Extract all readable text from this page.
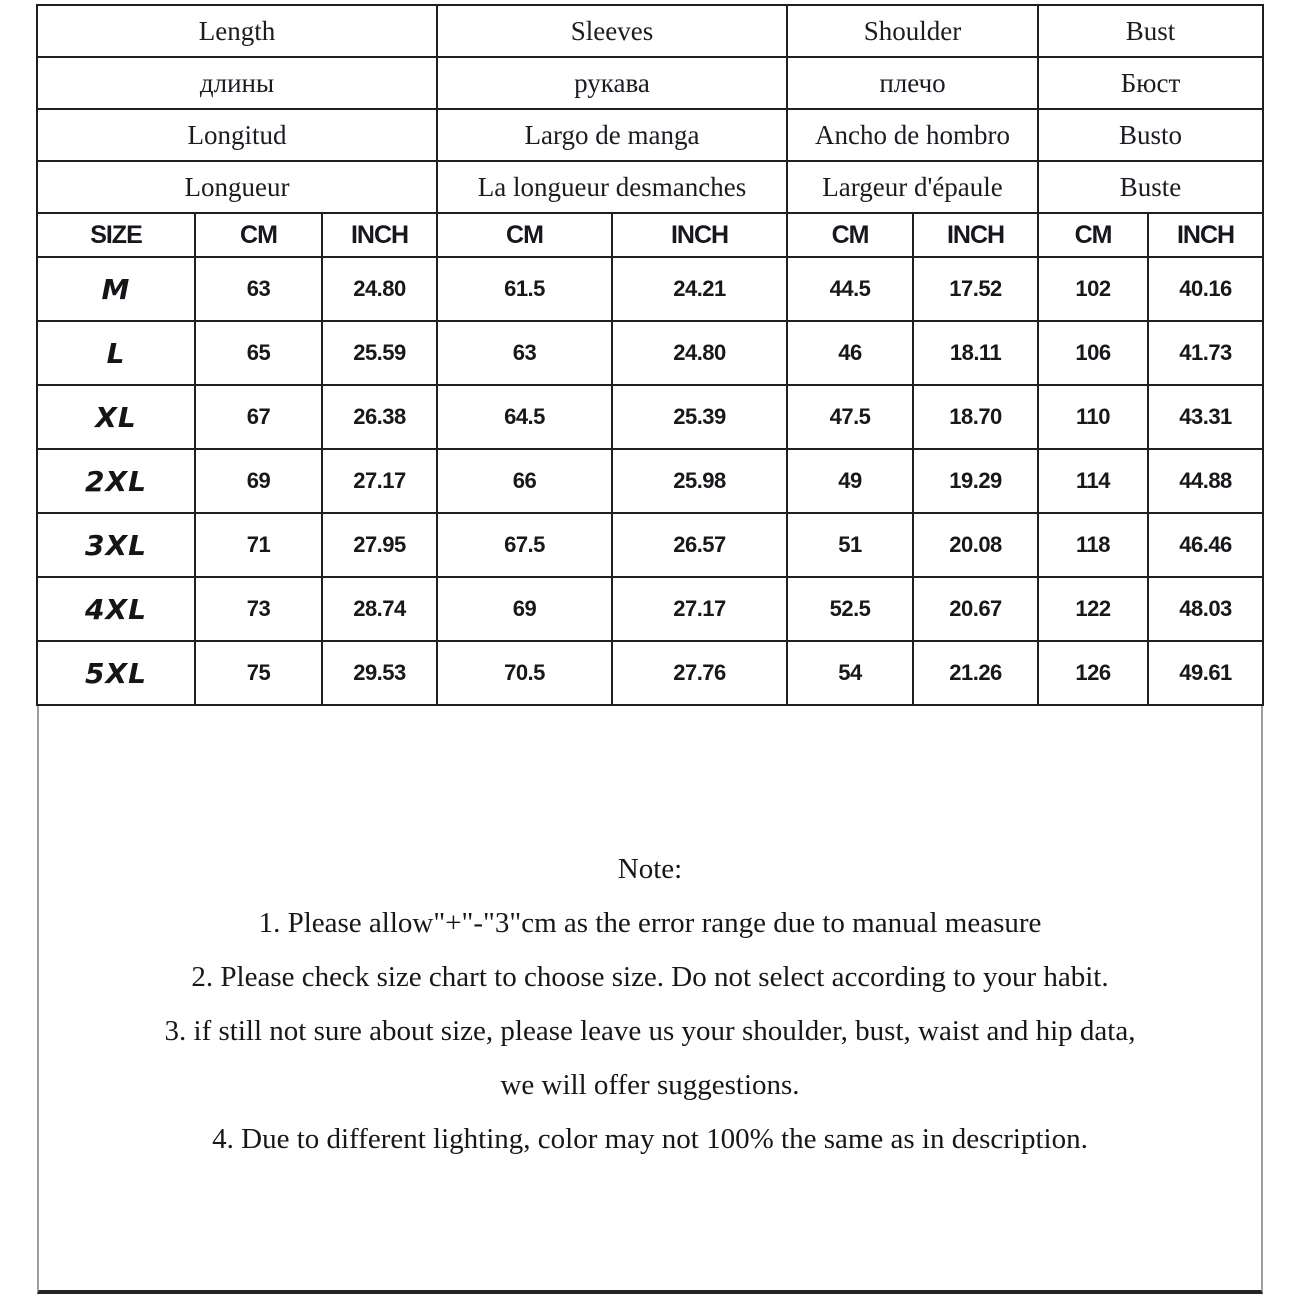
Length			Sleeves		Shoulder		Bust	
длины			рукава		плечо		Бюст	
Longitud			Largo de manga		Ancho de hombro		Busto	
Longueur			La longueur desmanches		Largeur d'épaule		Buste	
SIZE	CM	INCH	CM	INCH	CM	INCH	CM	INCH
M	63	24.80	61.5	24.21	44.5	17.52	102	40.16
L	65	25.59	63	24.80	46	18.11	106	41.73
XL	67	26.38	64.5	25.39	47.5	18.70	110	43.31
2XL	69	27.17	66	25.98	49	19.29	114	44.88
3XL	71	27.95	67.5	26.57	51	20.08	118	46.46
4XL	73	28.74	69	27.17	52.5	20.67	122	48.03
5XL	75	29.53	70.5	27.76	54	21.26	126	49.61
Note:
1. Please allow"+"-"3"cm as the error range due to manual measure
2. Please check size chart to choose size. Do not select according to your habit.
3. if still not sure about size, please leave us your shoulder, bust, waist and hip data,
we will offer suggestions.
4. Due to different lighting, color may not 100% the same as in description.
